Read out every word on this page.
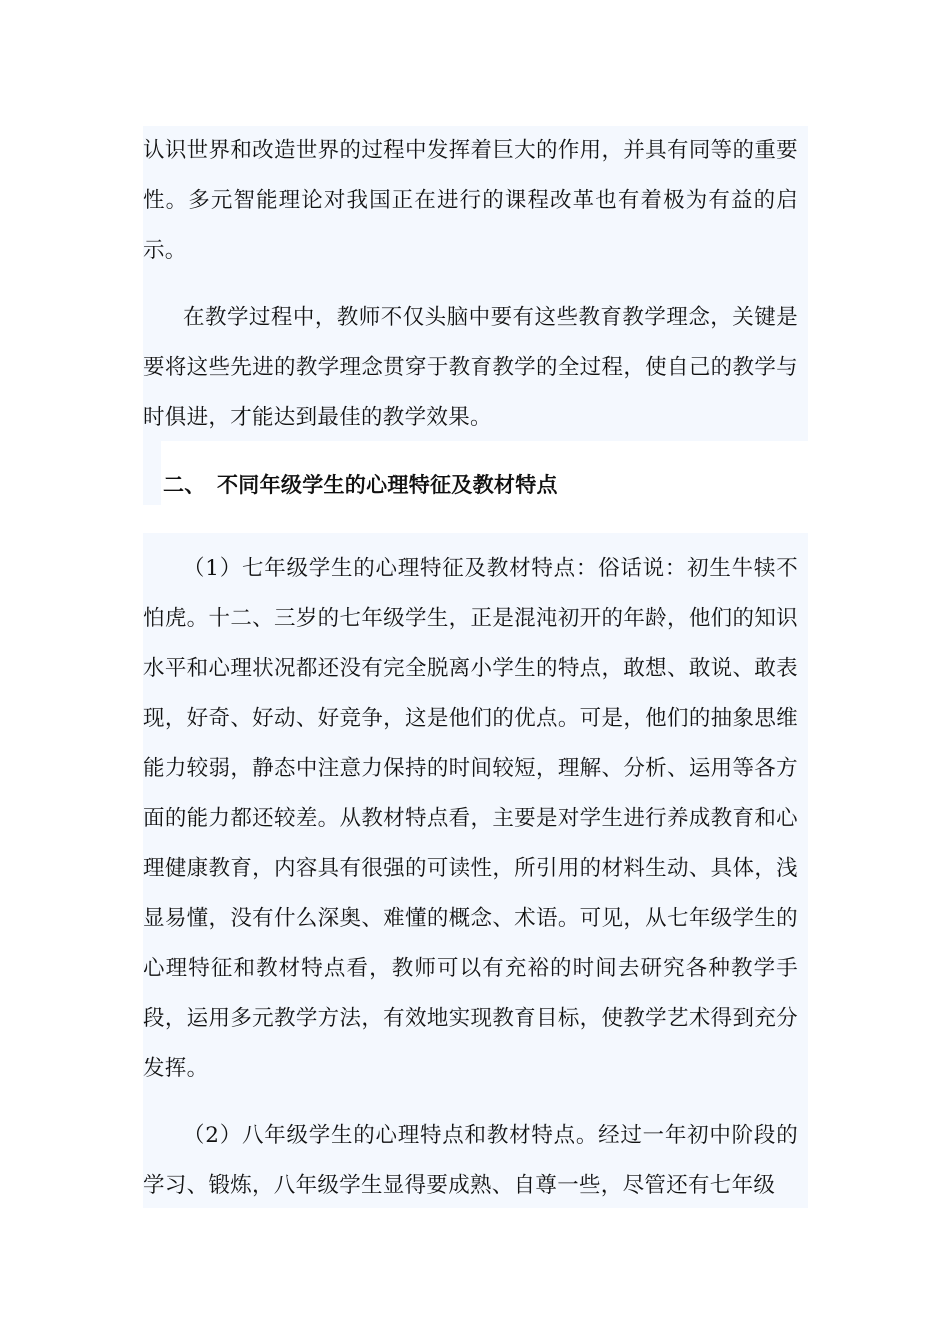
认识世界和改造世界的过程中发挥着巨大的作用，并具有同等的重要性。多元智能理论对我国正在进行的课程改革也有着极为有益的启示。

在教学过程中，教师不仅头脑中要有这些教育教学理念，关键是要将这些先进的教学理念贯穿于教育教学的全过程，使自己的教学与时俱进，才能达到最佳的教学效果。

二、 不同年级学生的心理特征及教材特点

（1）七年级学生的心理特征及教材特点：俗话说：初生牛犊不怕虎。十二、三岁的七年级学生，正是混沌初开的年龄，他们的知识水平和心理状况都还没有完全脱离小学生的特点，敢想、敢说、敢表现，好奇、好动、好竞争，这是他们的优点。可是，他们的抽象思维能力较弱，静态中注意力保持的时间较短，理解、分析、运用等各方面的能力都还较差。从教材特点看，主要是对学生进行养成教育和心理健康教育，内容具有很强的可读性，所引用的材料生动、具体，浅显易懂，没有什么深奥、难懂的概念、术语。可见，从七年级学生的心理特征和教材特点看，教师可以有充裕的时间去研究各种教学手段，运用多元教学方法，有效地实现教育目标，使教学艺术得到充分发挥。

（2）八年级学生的心理特点和教材特点。经过一年初中阶段的学习、锻炼，八年级学生显得要成熟、自尊一些，尽管还有七年级
